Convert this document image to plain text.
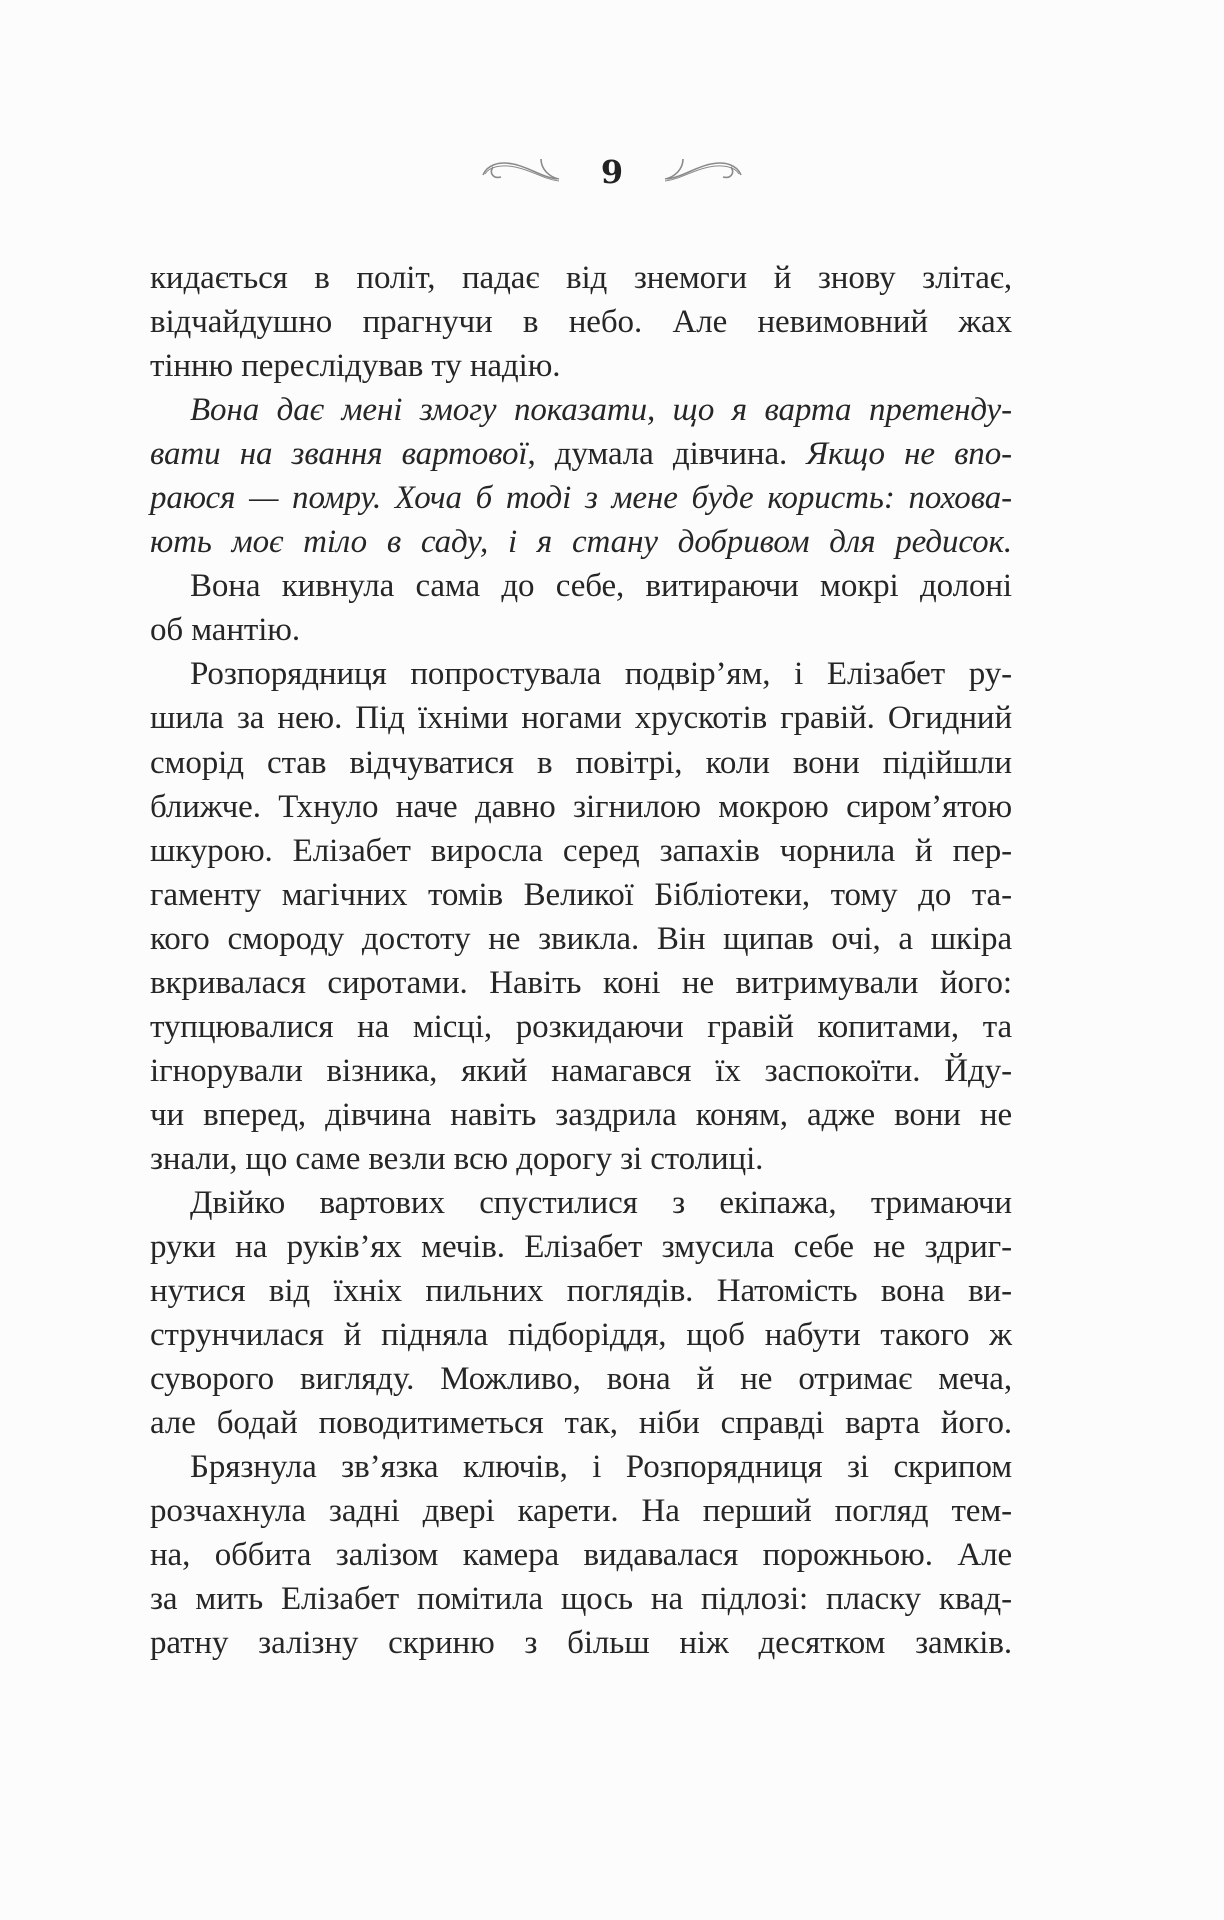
9

кидається в політ, падає від знемоги й знову злітає,
відчайдушно прагнучи в небо. Але невимовний жах
тінню переслідував ту надію.

Вона дає мені змогу показати, що я варта претенду-
вати на звання вартової, думала дівчина. Якщо не впо-
раюся — помру. Хоча б тоді з мене буде користь: похова-
ють моє тіло в саду, і я стану добривом для редисок.

Вона кивнула сама до себе, витираючи мокрі долоні
об мантію.

Розпорядниця попростувала подвір’ям, і Елізабет ру-
шила за нею. Під їхніми ногами хрускотів гравій. Огидний
сморід став відчуватися в повітрі, коли вони підійшли
ближче. Тхнуло наче давно зігнилою мокрою сиром’ятою
шкурою. Елізабет виросла серед запахів чорнила й пер-
гаменту магічних томів Великої Бібліотеки, тому до та-
кого смороду достоту не звикла. Він щипав очі, а шкіра
вкривалася сиротами. Навіть коні не витримували його:
тупцювалися на місці, розкидаючи гравій копитами, та
ігнорували візника, який намагався їх заспокоїти. Йду-
чи вперед, дівчина навіть заздрила коням, адже вони не
знали, що саме везли всю дорогу зі столиці.

Двійко вартових спустилися з екіпажа, тримаючи
руки на руків’ях мечів. Елізабет змусила себе не здриг-
нутися від їхніх пильних поглядів. Натомість вона ви-
струнчилася й підняла підборіддя, щоб набути такого ж
суворого вигляду. Можливо, вона й не отримає меча,
але бодай поводитиметься так, ніби справді варта його.

Брязнула зв’язка ключів, і Розпорядниця зі скрипом
розчахнула задні двері карети. На перший погляд тем-
на, оббита залізом камера видавалася порожньою. Але
за мить Елізабет помітила щось на підлозі: пласку квад-
ратну залізну скриню з більш ніж десятком замків.
